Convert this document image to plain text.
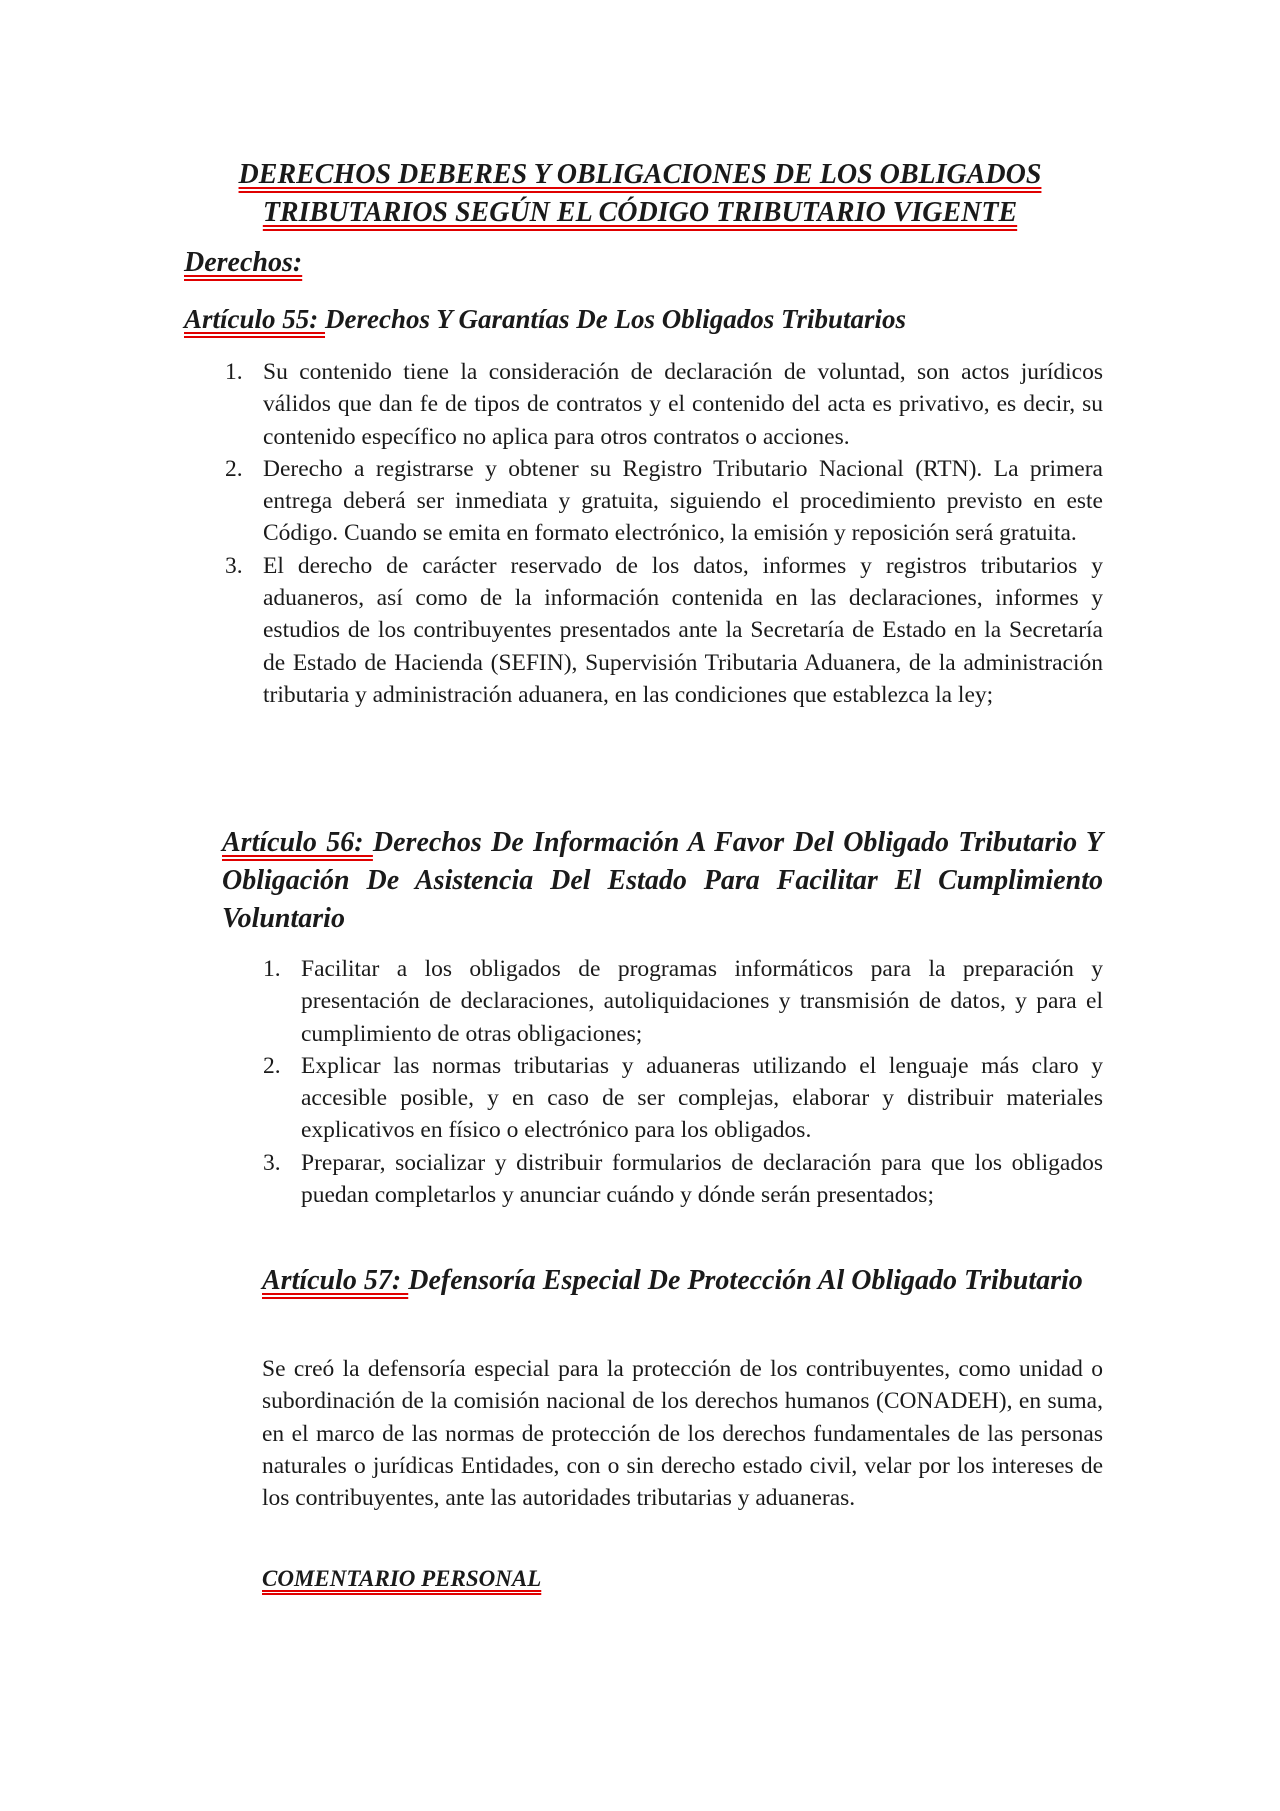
DERECHOS DEBERES Y OBLIGACIONES DE LOS OBLIGADOS
TRIBUTARIOS SEGÚN EL CÓDIGO TRIBUTARIO VIGENTE
Derechos:
Artículo 55: Derechos Y Garantías De Los Obligados Tributarios
1. Su contenido tiene la consideración de declaración de voluntad, son actos jurídicos válidos que dan fe de tipos de contratos y el contenido del acta es privativo, es decir, su contenido específico no aplica para otros contratos o acciones.
2. Derecho a registrarse y obtener su Registro Tributario Nacional (RTN). La primera entrega deberá ser inmediata y gratuita, siguiendo el procedimiento previsto en este Código. Cuando se emita en formato electrónico, la emisión y reposición será gratuita.
3. El derecho de carácter reservado de los datos, informes y registros tributarios y aduaneros, así como de la información contenida en las declaraciones, informes y estudios de los contribuyentes presentados ante la Secretaría de Estado en la Secretaría de Estado de Hacienda (SEFIN), Supervisión Tributaria Aduanera, de la administración tributaria y administración aduanera, en las condiciones que establezca la ley;
Artículo 56: Derechos De Información A Favor Del Obligado Tributario Y Obligación De Asistencia Del Estado Para Facilitar El Cumplimiento Voluntario
1. Facilitar a los obligados de programas informáticos para la preparación y presentación de declaraciones, autoliquidaciones y transmisión de datos, y para el cumplimiento de otras obligaciones;
2. Explicar las normas tributarias y aduaneras utilizando el lenguaje más claro y accesible posible, y en caso de ser complejas, elaborar y distribuir materiales explicativos en físico o electrónico para los obligados.
3. Preparar, socializar y distribuir formularios de declaración para que los obligados puedan completarlos y anunciar cuándo y dónde serán presentados;
Artículo 57: Defensoría Especial De Protección Al Obligado Tributario
Se creó la defensoría especial para la protección de los contribuyentes, como unidad o subordinación de la comisión nacional de los derechos humanos (CONADEH), en suma, en el marco de las normas de protección de los derechos fundamentales de las personas naturales o jurídicas Entidades, con o sin derecho estado civil, velar por los intereses de los contribuyentes, ante las autoridades tributarias y aduaneras.
COMENTARIO PERSONAL
